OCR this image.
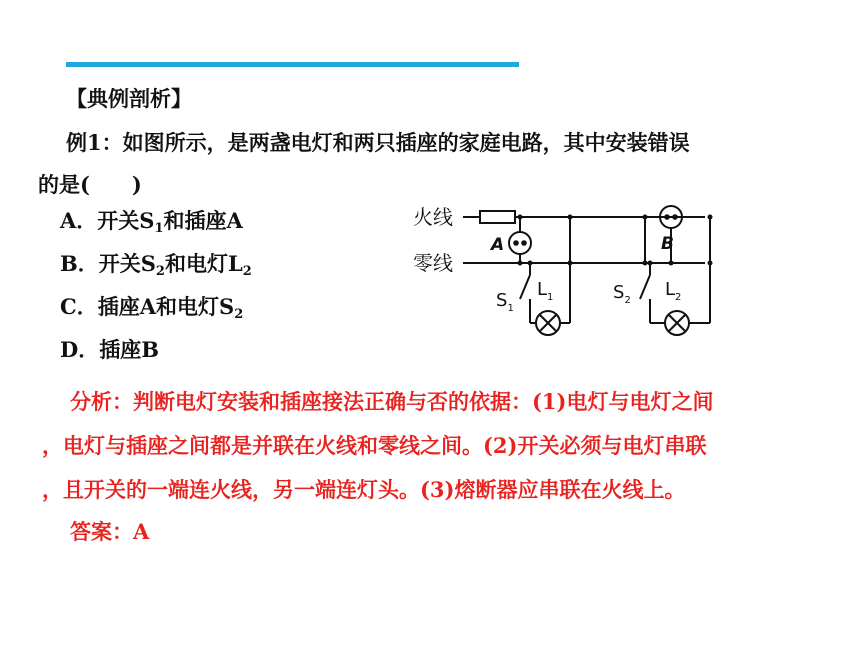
【典例剖析】
例1：如图所示，是两盏电灯和两只插座的家庭电路，其中安装错误
的是(　　)
A．开关$S_1$和插座A
B．开关$S_2$和电灯$L_2$
C．插座A和电灯$S_2$
D．插座B
火线
零线
A	B
$S_1$
$L_1$	$S_2$
$L_2$
分析：判断电灯安装和插座接法正确与否的依据：(1)电灯与电灯之间
，电灯与插座之间都是并联在火线和零线之间。(2)开关必须与电灯串联
，且开关的一端连火线，另一端连灯头。(3)熔断器应串联在火线上。
答案：A
